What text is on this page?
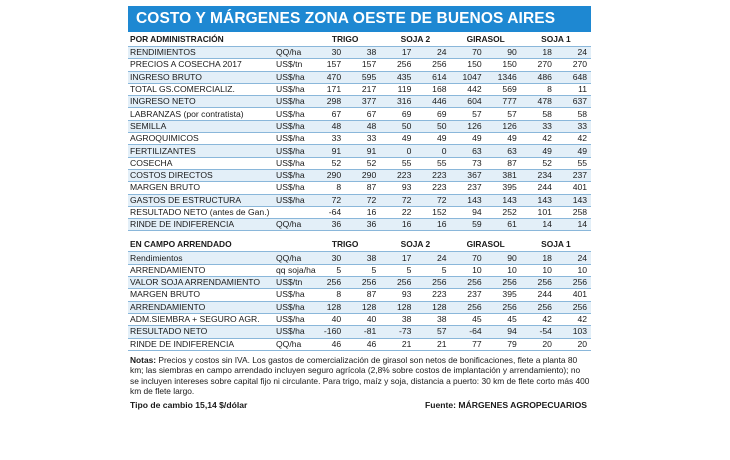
COSTO Y MÁRGENES ZONA OESTE DE BUENOS AIRES
POR ADMINISTRACIÓN		TRIGO		SOJA 2		GIRASOL		SOJA 1	
RENDIMIENTOS	QQ/ha	30	38	17	24	70	90	18	24
PRECIOS A COSECHA 2017	US$/tn	157	157	256	256	150	150	270	270
INGRESO BRUTO	US$/ha	470	595	435	614	1047	1346	486	648
TOTAL GS.COMERCIALIZ.	US$/ha	171	217	119	168	442	569	8	11
INGRESO NETO	US$/ha	298	377	316	446	604	777	478	637
LABRANZAS (por contratista)	US$/ha	67	67	69	69	57	57	58	58
SEMILLA	US$/ha	48	48	50	50	126	126	33	33
AGROQUIMICOS	US$/ha	33	33	49	49	49	49	42	42
FERTILIZANTES	US$/ha	91	91	0	0	63	63	49	49
COSECHA	US$/ha	52	52	55	55	73	87	52	55
COSTOS DIRECTOS	US$/ha	290	290	223	223	367	381	234	237
MARGEN BRUTO	US$/ha	8	87	93	223	237	395	244	401
GASTOS DE ESTRUCTURA	US$/ha	72	72	72	72	143	143	143	143
RESULTADO NETO (antes de Gan.)		-64	16	22	152	94	252	101	258
RINDE DE INDIFERENCIA	QQ/ha	36	36	16	16	59	61	14	14

EN CAMPO ARRENDADO		TRIGO		SOJA 2		GIRASOL		SOJA 1	
Rendimientos	QQ/ha	30	38	17	24	70	90	18	24
ARRENDAMIENTO	qq soja/ha	5	5	5	5	10	10	10	10
VALOR SOJA ARRENDAMIENTO	US$/tn	256	256	256	256	256	256	256	256
MARGEN BRUTO	US$/ha	8	87	93	223	237	395	244	401
ARRENDAMIENTO	US$/ha	128	128	128	128	256	256	256	256
ADM.SIEMBRA + SEGURO AGR.	US$/ha	40	40	38	38	45	45	42	42
RESULTADO NETO	US$/ha	-160	-81	-73	57	-64	94	-54	103
RINDE DE INDIFERENCIA	QQ/ha	46	46	21	21	77	79	20	20
Notas: Precios y costos sin IVA. Los gastos de comercialización de girasol son netos de bonificaciones, flete a planta 80 km; las siembras en campo arrendado incluyen seguro agrícola (2,8% sobre costos de implantación y arrendamiento); no se incluyen intereses sobre capital fijo ni circulante. Para trigo, maíz y soja, distancia a puerto: 30 km de flete corto más 400 km de flete largo.
Tipo de cambio 15,14 $/dólar	Fuente: MÁRGENES AGROPECUARIOS
